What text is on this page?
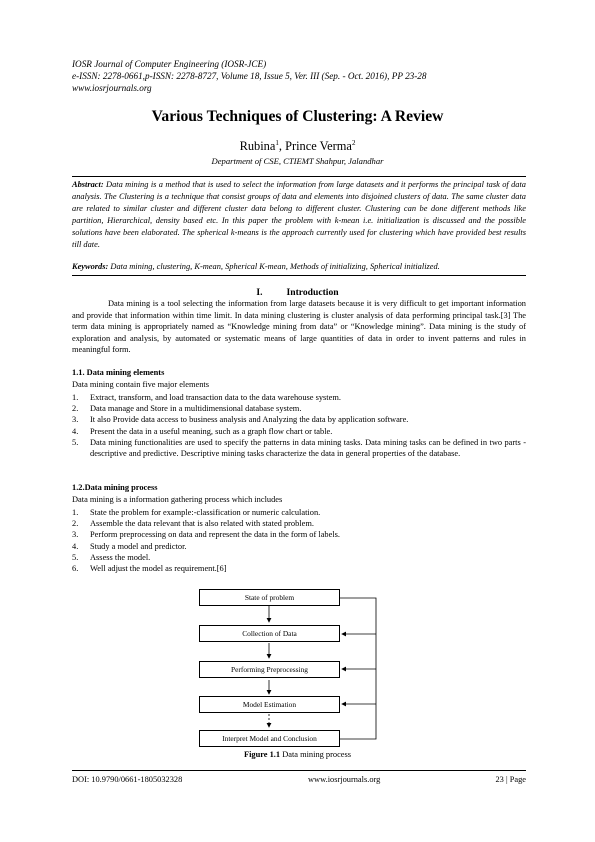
IOSR Journal of Computer Engineering (IOSR-JCE)
e-ISSN: 2278-0661,p-ISSN: 2278-8727, Volume 18, Issue 5, Ver. III (Sep. - Oct. 2016), PP 23-28
www.iosrjournals.org
Various Techniques of Clustering: A Review
Rubina$^1$, Prince Verma$^2$
Department of CSE, CTIEMT Shahpur, Jalandhar
Abstract: Data mining is a method that is used to select the information from large datasets and it performs the principal task of data analysis. The Clustering is a technique that consist groups of data and elements into disjoined clusters of data. The same cluster data are related to similar cluster and different cluster data belong to different cluster. Clustering can be done different methods like partition, Hierarchical, density based etc. In this paper the problem with k-mean i.e. initialization is discussed and the possible solutions have been elaborated. The spherical k-means is the approach currently used for clustering which have provided best results till date.
Keywords: Data mining, clustering, K-mean, Spherical K-mean, Methods of initializing, Spherical initialized.
I.	Introduction
Data mining is a tool selecting the information from large datasets because it is very difficult to get important information and provide that information within time limit. In data mining clustering is cluster analysis of data performing principal task.[3] The term data mining is appropriately named as “Knowledge mining from data” or “Knowledge mining”. Data mining is the study of exploration and analysis, by automated or systematic means of large quantities of data in order to invent patterns and rules in meaningful form.
1.1. Data mining elements
Data mining contain five major elements
1. Extract, transform, and load transaction data to the data warehouse system.
2. Data manage and Store in a multidimensional database system.
3. It also Provide data access to business analysis and Analyzing the data by application software.
4. Present the data in a useful meaning, such as a graph flow chart or table.
5. Data mining functionalities are used to specify the patterns in data mining tasks. Data mining tasks can be defined in two parts -descriptive and predictive. Descriptive mining tasks characterize the data in general properties of the database.
1.2.Data mining process
Data mining is a information gathering process which includes
1. State the problem for example:-classification or numeric calculation.
2. Assemble the data relevant that is also related with stated problem.
3. Perform preprocessing on data and represent the data in the form of labels.
4. Study a model and predictor.
5. Assess the model.
6. Well adjust the model as requirement.[6]
State of problem
Collection of Data
Performing Preprocessing
Model Estimation
Interpret Model and Conclusion
Figure 1.1 Data mining process
DOI: 10.9790/0661-1805032328	www.iosrjournals.org	23 | Page
